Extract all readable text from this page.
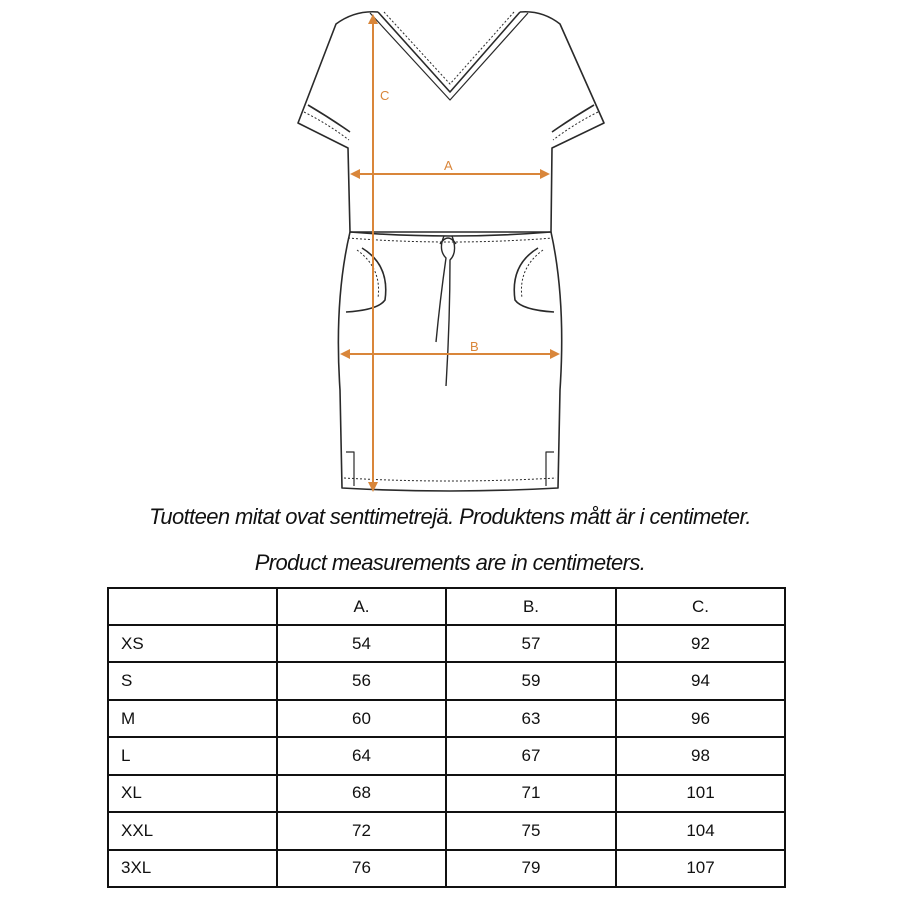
C
A
B
Tuotteen mitat ovat senttimetrejä. Produktens mått är i centimeter.
Product measurements are in centimeters.
	A.	B.	C.
XS	54	57	92
S	56	59	94
M	60	63	96
L	64	67	98
XL	68	71	101
XXL	72	75	104
3XL	76	79	107
